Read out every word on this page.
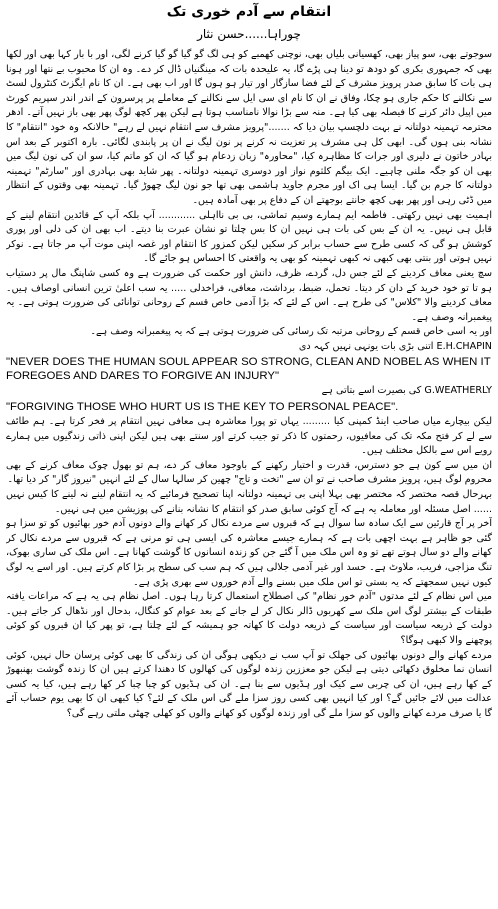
انتقام سے آدم خوری تک
چوراہا......حسن نثار

سوجوتے بھی، سو پیاز بھی، کھسیانی بلیاں بھی، نوچنی کھمبے کو ہی لگ گو گیا گو گیا کرنے لگی، اور با بار کہا بھی اور لکھا بھی کہ جمہوری بکری کو دودھ تو دینا ہی پڑے گا، یہ علیحدہ بات کہ مینگنیاں ڈال کر دے۔ وہ ان کا محبوب بے نتھا اور ہونا ہی بات کا سابق صدر پرویز مشرف کے لئے فضا سازگار اور تیار ہو ہوں گا اور اب بھی ہے۔ ان کا نام ایگزٹ کنٹرول لسٹ سے نکالنے کا حکم جاری ہو چکا، وفاق نے ان کا نام ای سی ایل سے نکالنے کے معاملے پر پرسرون کے اندر اندر سپریم کورٹ میں اپیل دائر کرنے کا فیصلہ بھی کیا ہے۔ منہ سے بڑا نوالا نامناسب ہوتا ہے لیکن پھر کچھ لوگ پھر بھی باز نہیں آتے۔ ادھر محترمہ تہمینہ دولتانہ نے بہت دلچسپ بیان دیا کہ ......."پرویز مشرف سے انتقام نہیں لے رہے" حالانکہ وہ خود "انتقام" کا نشانہ بنی ہوں گی۔ ابھی کل ہی مشرف پر تعزیت نہ کرنے پر نون لیگ نے ان پر پابندی لگائی۔ بارہ اکتوبر کے بعد اس بہادر خاتون نے دلیری اور جرات کا مظاہرہ کیا، "محاورہ" زبان زدعام ہو گیا کہ ان کو ماتم کیا، سو ان کی نون لیگ میں بھی ان کو جگہ ملنی چاہیے۔ ایک بیگم کلثوم نواز اور دوسری تہمینہ دولتانہ۔ پھر شاید بھی بہادری اور "سارٹم" تہمینہ دولتانہ کا جرم بن گیا۔ ایسا ہی اک اور مجرم جاوید ہاشمی بھی تھا جو نون لیگ چھوڑ گیا۔ تہمینہ بھی وقتوں کے انتظار میں ڈٹی رہی اور پھر بھی کچھ جانتے بوجھتے ان کے دفاع پر بھی آمادہ ہیں۔

اہمیت بھی نہیں رکھتی۔ فاطمہ ایم ہمارے وسیم تماشی، بی بی نااہلی ............ آپ بلکہ آپ کے قائدین انتقام لینے کے قابل ہی نہیں۔ یہ ان کے بس کی بات ہی نہیں ان کا بس چلتا تو نشان عبرت بنا دیتے۔ اب بھی ان کی دلی اور پوری کوشش ہو گی کہ کسی طرح سے حساب برابر کر سکیں لیکن کمزور کا انتقام اور غصہ اپنی موت آپ مر جاتا ہے۔ نوکر نہیں ہوتی اور بنتی بھی کبھی نہ کبھی تہمینہ کو بھی یہ واقعتی کا احساس ہو جائے گا۔

سچ یعنی معاف کردینے کے لئے جس دل، گردے، ظرف، دانش اور حکمت کی ضرورت ہے وہ کسی شاپنگ مال پر دستیاب ہو تا تو خود خرید کے دان کر دیتا۔ تحمل، ضبط، برداشت، معافی، فراخدلی ..... یہ سب اعلیٰ ترین انسانی اوصاف ہیں۔ معاف کردینے والا "کلاس" کی طرح ہے۔ اس کے لئے کہ بڑا آدمی خاص قسم کے روحانی توانائی کی ضرورت ہوتی ہے۔ یہ پیغمبرانہ وصف ہے۔

اور یہ اسی خاص قسم کے روحانی مرتبہ تک رسائی کی ضرورت ہوتی ہے کہ یہ پیغمبرانہ وصف ہے۔

E.H.CHAPIN اتنی بڑی بات یونہی نہیں کہہ دی

"NEVER DOES THE HUMAN SOUL APPEAR SO STRONG, CLEAN AND NOBEL AS WHEN IT FOREGOES AND DARES TO FORGIVE AN INJURY"

G.WEATHERLY کی بصیرت اسے بتاتی ہے

"FORGIVING THOSE WHO HURT US IS THE KEY TO PERSONAL PEACE".

لیکن بیچارے میاں صاحب اینڈ کمپنی کیا ......... یہاں تو پورا معاشرہ ہی معافی نہیں انتقام پر فخر کرتا ہے۔ ہم طائف سے لے کر فتح مکہ تک کی معافیوں، رحمتوں کا ذکر تو جیب کرتے اور سنتے بھی ہیں لیکن اپنی ذاتی زندگیوں میں ہمارے رویے اس سے بالکل مختلف ہیں۔

ان میں سے کون ہے جو دسترس، قدرت و اختیار رکھنے کے باوجود معاف کر دے، ہم تو بھول چوک معاف کرنے کے بھی محروم لوگ ہیں، پرویز مشرف صاحب نے تو ان سے "تخت و تاج" چھین کر سالہا سال کے لئے انہیں "نیروز گار" کر دیا تھا۔

بہرحال قصہ مختصر کہ مختصر بھی بہلا اپنی بی تہمینہ دولتانہ اپنا تصحیح فرمائیے کہ یہ انتقام لینے نہ لینے کا کیس نہیں ...... اصل مسئلہ اور معاملہ یہ ہے کہ آج کوئی سابق صدر کو انتقام کا نشانہ بنانے کی پوزیشن میں ہی نہیں۔

آخر پر آج قارئین سے ایک سادہ سا سوال ہے کہ قبروں سے مردے نکال کر کھانے والے دونوں آدم خور بھائیوں کو تو سزا ہو گئی جو ظاہر ہے بہت اچھی بات ہے کہ ہمارے جیسے معاشرہ کی ایسی ہی تو مرنی ہے کہ قبروں سے مردے نکال کر کھانے والے دو سال ہوتے تھے تو وہ اس ملک میں آ گئے جن کو زندہ انسانوں کا گوشت کھانا ہے۔ اس ملک کی ساری بھوک، تنگ مزاجی، فریب، ملاوٹ ہے۔ حسد اور غیر آدمی جلالی ہیں کہ ہم سب کی سطح پر بڑا کام کرتے ہیں۔ اور اسے یہ لوگ کیوں نہیں سمجھتے کہ یہ بستی تو اس ملک میں بسنے والے آدم خوروں سے بھری پڑی ہے۔

میں اس نظام کے لئے مدتوں "آدم خور نظام" کی اصطلاح استعمال کرتا رہا ہوں۔ اصل نظام ہی یہ ہے کہ مراعات یافتہ طبقات کے بیشتر لوگ اس ملک سے کھربوں ڈالر نکال کر لے جانے کے بعد عوام کو کنگال، بدحال اور نڈھال کر جاتے ہیں۔ دولت کے ذریعہ سیاست اور سیاست کے ذریعہ دولت کا کھاتہ جو ہمیشہ کے لئے چلتا ہے، تو پھر کیا ان قبروں کو کوئی پوچھنے والا کبھی ہوگا؟

مردے کھانے والے دونوں بھائیوں کی جھلک تو آپ سب نے دیکھی ہوگی ان کی زندگی کا بھی کوئی پرسان حال نہیں، کوئی انسان نما مخلوق دکھائی دیتی ہے لیکن جو معززین زندہ لوگوں کی کھالوں کا دھندا کرتے ہیں ان کا زندہ گوشت بھنبھوڑ کے کھا رہے ہیں، ان کی چربی سے کیک اور ہڈیوں سے بنا ہے۔ ان کی ہڈیوں کو چبا چبا کر کھا رہے ہیں، کیا یہ کسی عدالت میں لائے جائیں گے؟ اور کیا انہیں بھی کسی روز سزا ملے گی اس ملک کے لئے؟ کیا کبھی ان کا بھی یوم حساب آئے گا یا صرف مردے کھانے والوں کو سزا ملے گی اور زندہ لوگوں کو کھانے والوں کو کھلی چھٹی ملتی رہے گی؟
